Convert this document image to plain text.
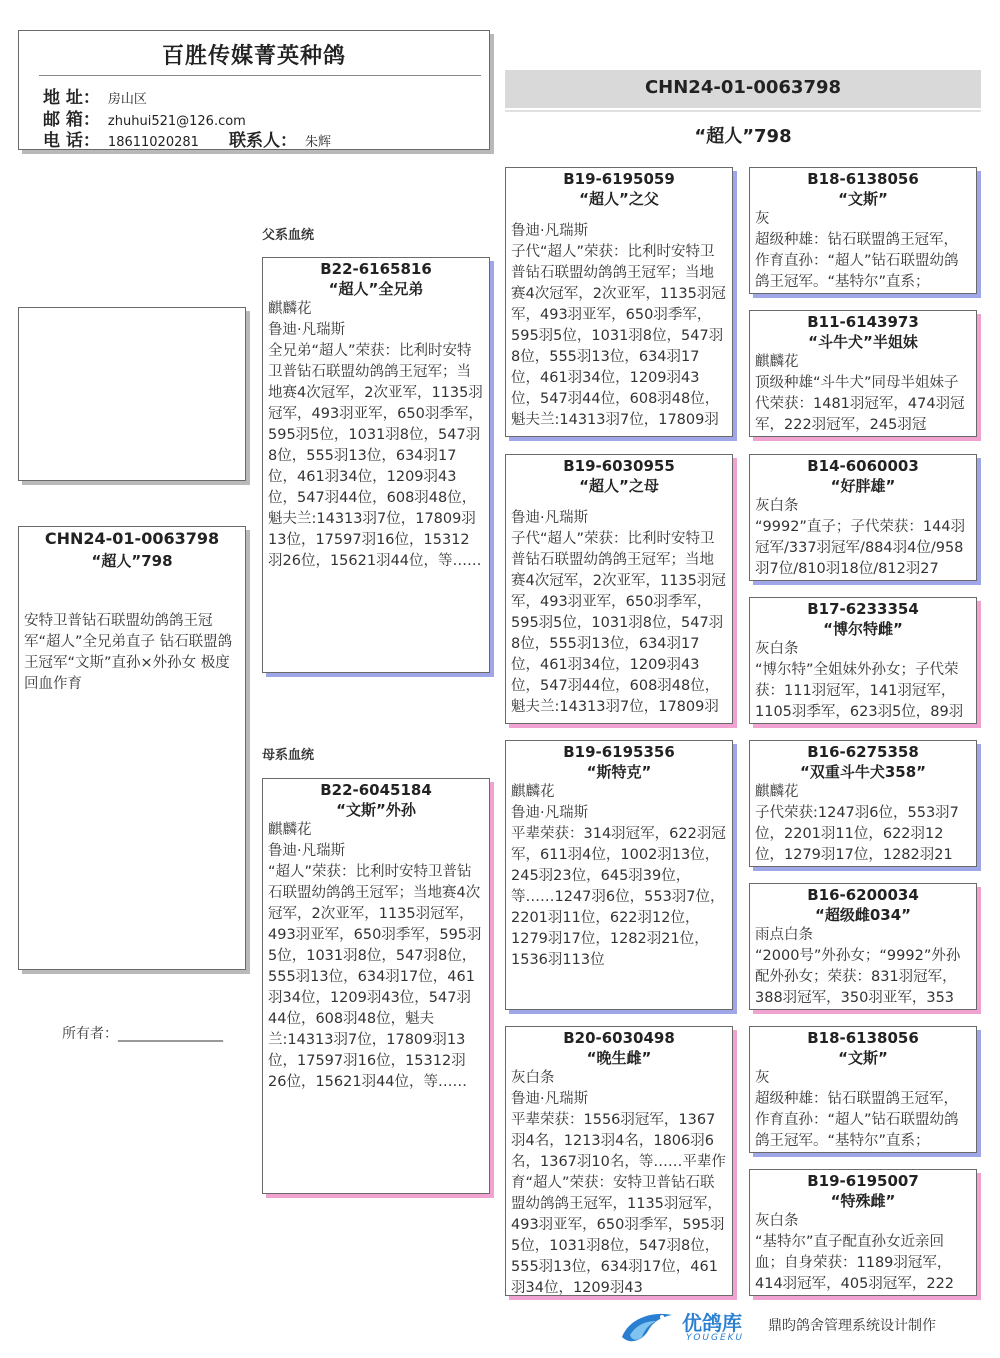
百胜传媒菁英种鸽
地 址： 房山区
邮 箱： zhuhui521@126.com
电 话： 18611020281 联系人： 朱辉
CHN24-01-0063798
“超人”798
CHN24-01-0063798
“超人”798
安特卫普钻石联盟幼鸽鸽王冠军“超人”全兄弟直子 钻石联盟鸽王冠军“文斯”直孙×外孙女 极度回血作育
所有者：_______________
父系血统
母系血统
B22-6165816
“超人”全兄弟
麒麟花
鲁迪·凡瑞斯
全兄弟“超人”荣获：比利时安特卫普钻石联盟幼鸽鸽王冠军；当地赛4次冠军，2次亚军，1135羽冠军，493羽亚军，650羽季军，595羽5位，1031羽8位，547羽8位，555羽13位，634羽17位，461羽34位，1209羽43位，547羽44位，608羽48位，魁夫兰:14313羽7位，17809羽13位，17597羽16位，15312羽26位，15621羽44位，等……
B22-6045184
“文斯”外孙
麒麟花
鲁迪·凡瑞斯
“超人”荣获：比利时安特卫普钻石联盟幼鸽鸽王冠军；当地赛4次冠军，2次亚军，1135羽冠军，493羽亚军，650羽季军，595羽5位，1031羽8位，547羽8位，555羽13位，634羽17位，461羽34位，1209羽43位，547羽44位，608羽48位，魁夫兰:14313羽7位，17809羽13位，17597羽16位，15312羽26位，15621羽44位，等……
B19-6195059
“超人”之父
鲁迪·凡瑞斯
子代“超人”荣获：比利时安特卫普钻石联盟幼鸽鸽王冠军；当地赛4次冠军，2次亚军，1135羽冠军，493羽亚军，650羽季军，595羽5位，1031羽8位，547羽8位，555羽13位，634羽17位，461羽34位，1209羽43位，547羽44位，608羽48位，魁夫兰:14313羽7位，17809羽
B19-6030955
“超人”之母
鲁迪·凡瑞斯
子代“超人”荣获：比利时安特卫普钻石联盟幼鸽鸽王冠军；当地赛4次冠军，2次亚军，1135羽冠军，493羽亚军，650羽季军，595羽5位，1031羽8位，547羽8位，555羽13位，634羽17位，461羽34位，1209羽43位，547羽44位，608羽48位，魁夫兰:14313羽7位，17809羽
B19-6195356
“斯特克”
麒麟花
鲁迪·凡瑞斯
平辈荣获：314羽冠军，622羽冠军，611羽4位，1002羽13位，245羽23位，645羽39位，等……1247羽6位，553羽7位，2201羽11位，622羽12位，1279羽17位，1282羽21位，1536羽113位
B20-6030498
“晚生雌”
灰白条
鲁迪·凡瑞斯
平辈荣获：1556羽冠军，1367羽4名，1213羽4名，1806羽6名，1367羽10名，等……平辈作育“超人”荣获：安特卫普钻石联盟幼鸽鸽王冠军，1135羽冠军，493羽亚军，650羽季军，595羽5位，1031羽8位，547羽8位，555羽13位，634羽17位，461羽34位，1209羽43
B18-6138056
“文斯”
灰
超级种雄：钻石联盟鸽王冠军，作育直孙：“超人”钻石联盟幼鸽鸽王冠军。“基特尔”直系；
B11-6143973
“斗牛犬”半姐妹
麒麟花
顶级种雄“斗牛犬”同母半姐妹子代荣获：1481羽冠军，474羽冠军，222羽冠军，245羽冠
B14-6060003
“好胖雄”
灰白条
“9992”直子；子代荣获：144羽冠军/337羽冠军/884羽4位/958羽7位/810羽18位/812羽27
B17-6233354
“博尔特雌”
灰白条
“博尔特”全姐妹外孙女；子代荣获：111羽冠军，141羽冠军，1105羽季军，623羽5位，89羽
B16-6275358
“双重斗牛犬358”
麒麟花
子代荣获:1247羽6位，553羽7位，2201羽11位，622羽12位，1279羽17位，1282羽21
B16-6200034
“超级雌034”
雨点白条
“2000号”外孙女；“9992”外孙配外孙女；荣获：831羽冠军，388羽冠军，350羽亚军，353
B18-6138056
“文斯”
灰
超级种雄：钻石联盟鸽王冠军，作育直孙：“超人”钻石联盟幼鸽鸽王冠军。“基特尔”直系；
B19-6195007
“特殊雌”
灰白条
“基特尔”直子配直孙女近亲回血；自身荣获：1189羽冠军，414羽冠军，405羽冠军，222
优鸽库
YOUGEKU
鼎昀鸽舍管理系统设计制作
